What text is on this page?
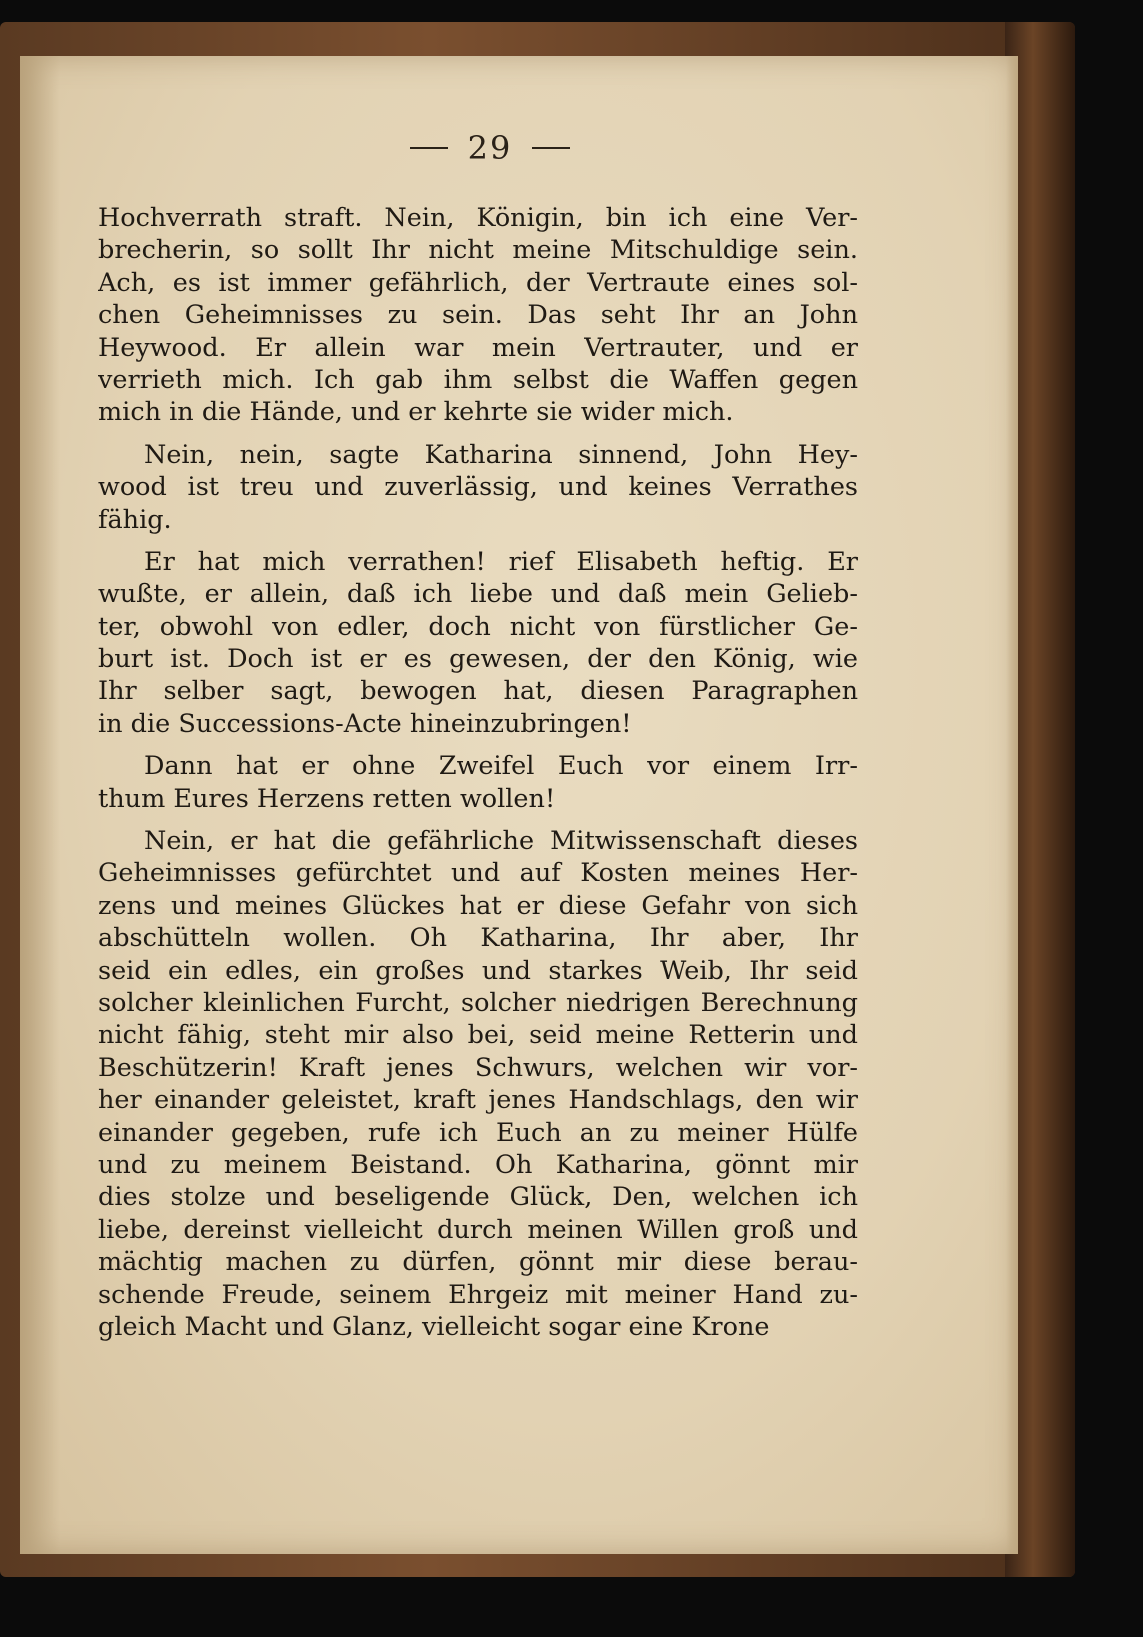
29
Hochverrath straft. Nein, Königin, bin ich eine Ver-
brecherin, so sollt Ihr nicht meine Mitschuldige sein.
Ach, es ist immer gefährlich, der Vertraute eines sol-
chen Geheimnisses zu sein. Das seht Ihr an John
Heywood. Er allein war mein Vertrauter, und er
verrieth mich. Ich gab ihm selbst die Waffen gegen
mich in die Hände, und er kehrte sie wider mich.
Nein, nein, sagte Katharina sinnend, John Hey-
wood ist treu und zuverlässig, und keines Verrathes
fähig.
Er hat mich verrathen! rief Elisabeth heftig. Er
wußte, er allein, daß ich liebe und daß mein Gelieb-
ter, obwohl von edler, doch nicht von fürstlicher Ge-
burt ist. Doch ist er es gewesen, der den König, wie
Ihr selber sagt, bewogen hat, diesen Paragraphen
in die Successions-Acte hineinzubringen!
Dann hat er ohne Zweifel Euch vor einem Irr-
thum Eures Herzens retten wollen!
Nein, er hat die gefährliche Mitwissenschaft dieses
Geheimnisses gefürchtet und auf Kosten meines Her-
zens und meines Glückes hat er diese Gefahr von sich
abschütteln wollen. Oh Katharina, Ihr aber, Ihr
seid ein edles, ein großes und starkes Weib, Ihr seid
solcher kleinlichen Furcht, solcher niedrigen Berechnung
nicht fähig, steht mir also bei, seid meine Retterin und
Beschützerin! Kraft jenes Schwurs, welchen wir vor-
her einander geleistet, kraft jenes Handschlags, den wir
einander gegeben, rufe ich Euch an zu meiner Hülfe
und zu meinem Beistand. Oh Katharina, gönnt mir
dies stolze und beseligende Glück, Den, welchen ich
liebe, dereinst vielleicht durch meinen Willen groß und
mächtig machen zu dürfen, gönnt mir diese berau-
schende Freude, seinem Ehrgeiz mit meiner Hand zu-
gleich Macht und Glanz, vielleicht sogar eine Krone
